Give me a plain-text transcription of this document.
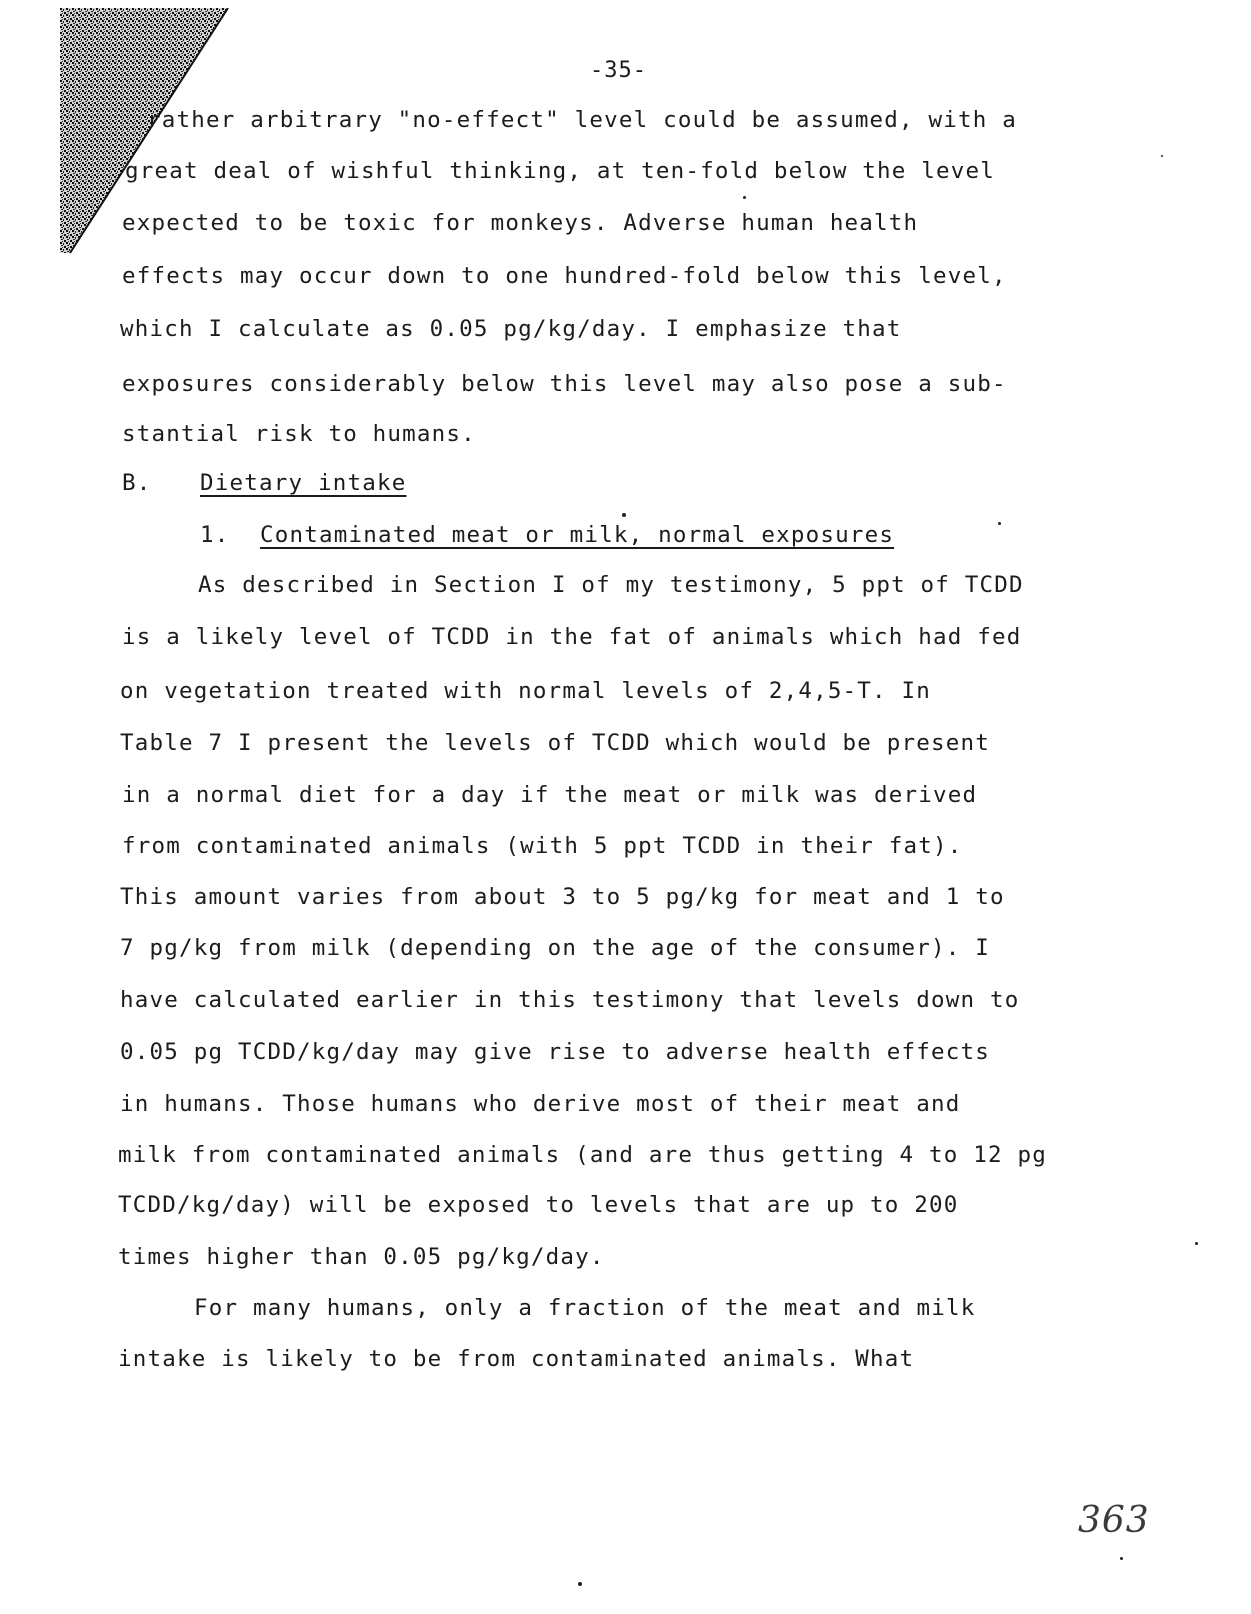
-35-
rather arbitrary "no-effect" level could be assumed, with a
great deal of wishful thinking, at ten-fold below the level
expected to be toxic for monkeys. Adverse human health
effects may occur down to one hundred-fold below this level,
which I calculate as 0.05 pg/kg/day. I emphasize that
exposures considerably below this level may also pose a sub-
stantial risk to humans.
B. Dietary intake
1. Contaminated meat or milk, normal exposures
As described in Section I of my testimony, 5 ppt of TCDD
is a likely level of TCDD in the fat of animals which had fed
on vegetation treated with normal levels of 2,4,5-T. In
Table 7 I present the levels of TCDD which would be present
in a normal diet for a day if the meat or milk was derived
from contaminated animals (with 5 ppt TCDD in their fat).
This amount varies from about 3 to 5 pg/kg for meat and 1 to
7 pg/kg from milk (depending on the age of the consumer). I
have calculated earlier in this testimony that levels down to
0.05 pg TCDD/kg/day may give rise to adverse health effects
in humans. Those humans who derive most of their meat and
milk from contaminated animals (and are thus getting 4 to 12 pg
TCDD/kg/day) will be exposed to levels that are up to 200
times higher than 0.05 pg/kg/day.
For many humans, only a fraction of the meat and milk
intake is likely to be from contaminated animals. What
363
